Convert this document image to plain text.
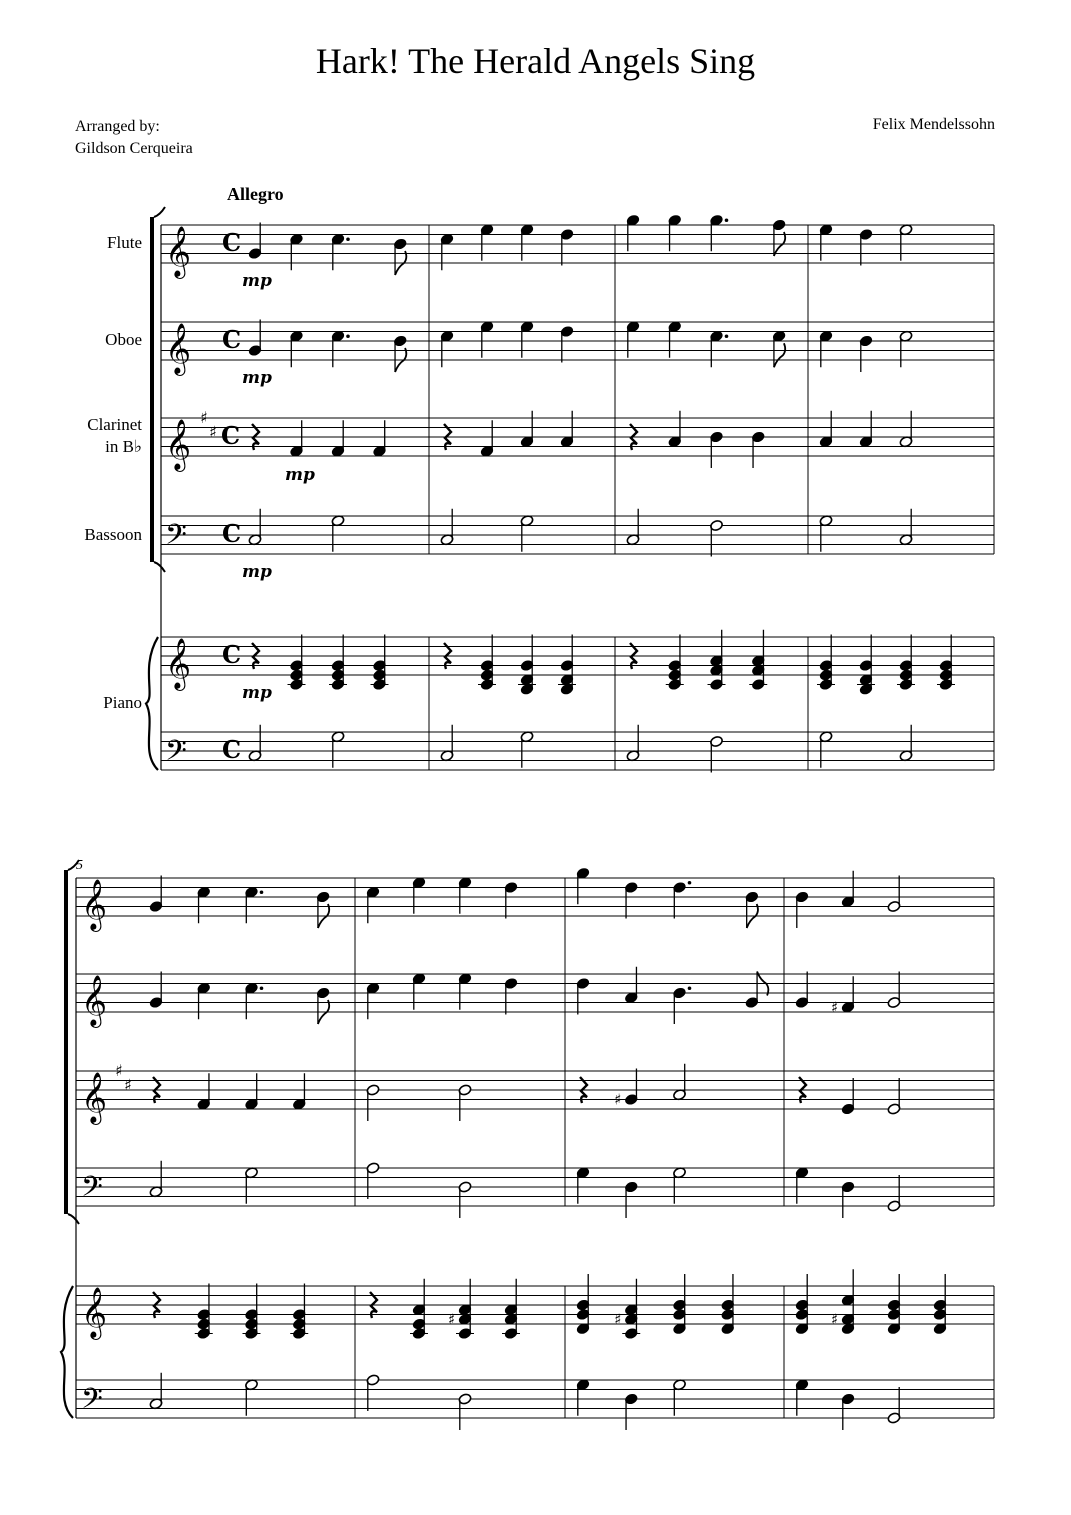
Hark! The Herald Angels Sing
Arranged by:
Gildson Cerqueira
Felix Mendelssohn
Allegro
Flute
Oboe
Clarinet
in B♭
Bassoon
Piano
5
𝄞 C
𝄞 C
𝄞
♯
♯ C
𝄢 C
𝄞 C
𝄢 C
mp
mp
mp
mp
mp
𝄞
𝄞
𝄞
♯
♯
𝄢
𝄞
𝄢
♯
♯
♯	♯	♯
